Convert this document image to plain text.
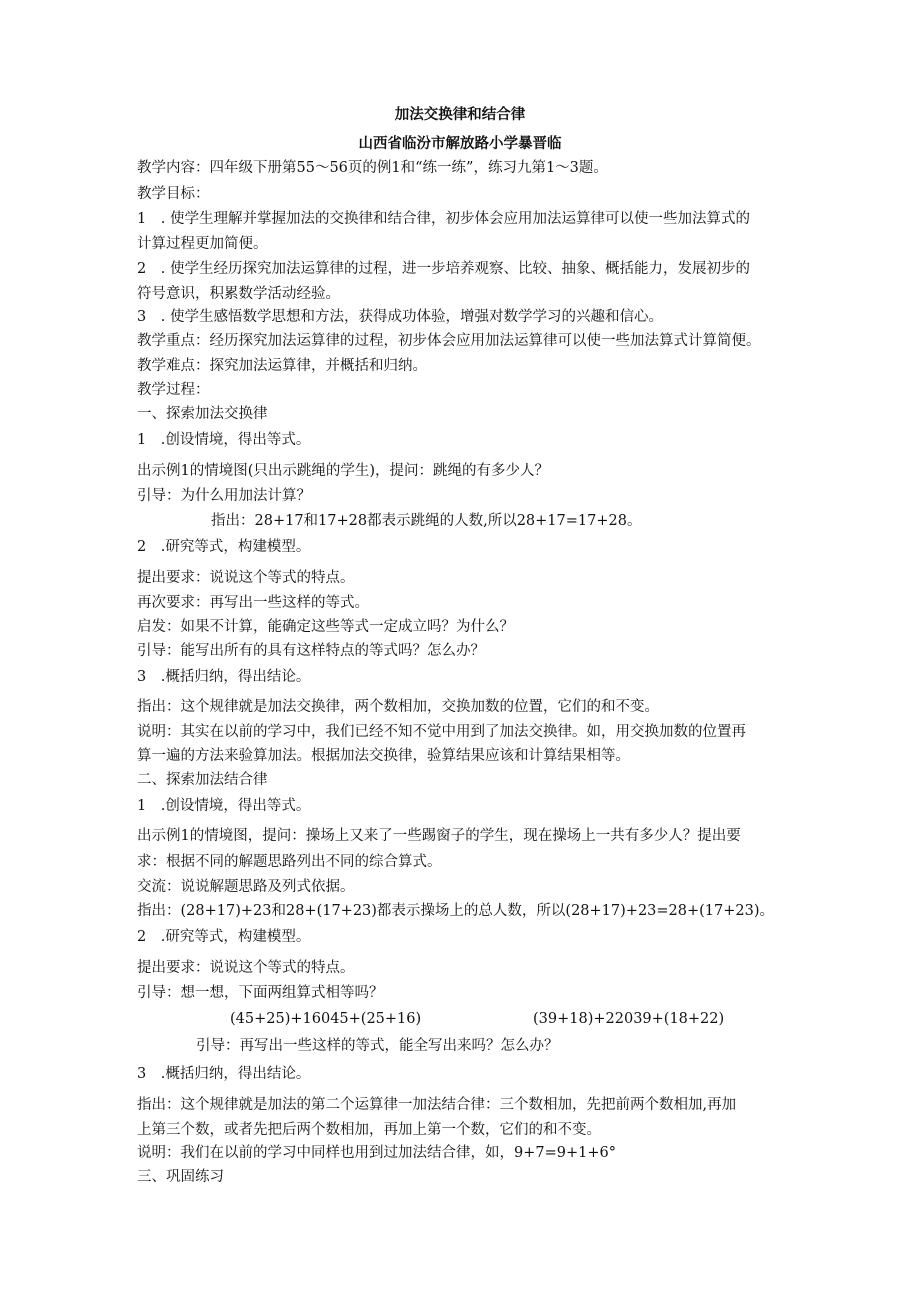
加法交换律和结合律
山西省临汾市解放路小学暴晋临
教学内容：四年级下册第55～56页的例1和“练一练”，练习九第1～3题。
教学目标：
1　. 使学生理解并掌握加法的交换律和结合律，初步体会应用加法运算律可以使一些加法算式的
计算过程更加简便。
2　. 使学生经历探究加法运算律的过程，进一步培养观察、比较、抽象、概括能力，发展初步的
符号意识，积累数学活动经验。
3　. 使学生感悟数学思想和方法，获得成功体验，增强对数学学习的兴趣和信心。
教学重点：经历探究加法运算律的过程，初步体会应用加法运算律可以使一些加法算式计算简便。
教学难点：探究加法运算律，并概括和归纳。
教学过程：
一、探索加法交换律
1　.创设情境，得出等式。
出示例1的情境图(只出示跳绳的学生)，提问：跳绳的有多少人？
引导：为什么用加法计算？
指出：28+17和17+28都表示跳绳的人数,所以28+17=17+28。
2　.研究等式，构建模型。
提出要求：说说这个等式的特点。
再次要求：再写出一些这样的等式。
启发：如果不计算，能确定这些等式一定成立吗？为什么？
引导：能写出所有的具有这样特点的等式吗？怎么办？
3　.概括归纳，得出结论。
指出：这个规律就是加法交换律，两个数相加，交换加数的位置，它们的和不变。
说明：其实在以前的学习中，我们已经不知不觉中用到了加法交换律。如，用交换加数的位置再
算一遍的方法来验算加法。根据加法交换律，验算结果应该和计算结果相等。
二、探索加法结合律
1　.创设情境，得出等式。
出示例1的情境图，提问：操场上又来了一些踢窗子的学生，现在操场上一共有多少人？提出要
求：根据不同的解题思路列出不同的综合算式。
交流：说说解题思路及列式依据。
指出：(28+17)+23和28+(17+23)都表示操场上的总人数，所以(28+17)+23=28+(17+23)。
2　.研究等式，构建模型。
提出要求：说说这个等式的特点。
引导：想一想，下面两组算式相等吗？
(45+25)+16045+(25+16)	(39+18)+22039+(18+22)
引导：再写出一些这样的等式，能全写出来吗？怎么办？
3　.概括归纳，得出结论。
指出：这个规律就是加法的第二个运算律一加法结合律：三个数相加，先把前两个数相加,再加
上第三个数，或者先把后两个数相加，再加上第一个数，它们的和不变。
说明：我们在以前的学习中同样也用到过加法结合律，如，9+7=9+1+6°
三、巩固练习
